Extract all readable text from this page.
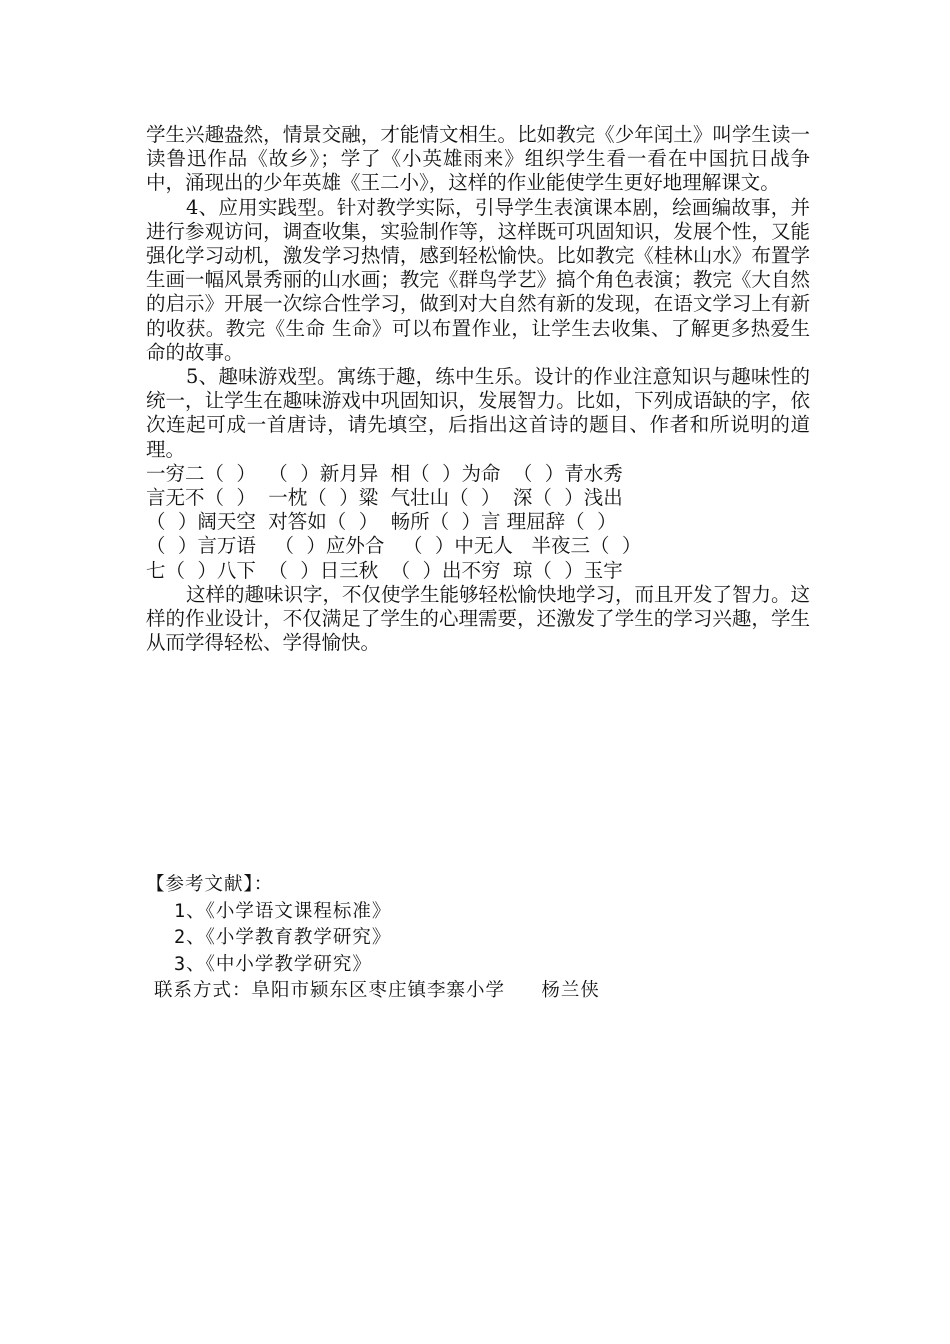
学生兴趣盎然，情景交融，才能情文相生。比如教完《少年闰土》叫学生读一读鲁迅作品《故乡》；学了《小英雄雨来》组织学生看一看在中国抗日战争中，涌现出的少年英雄《王二小》，这样的作业能使学生更好地理解课文。

4、应用实践型。针对教学实际，引导学生表演课本剧，绘画编故事，并进行参观访问，调查收集，实验制作等，这样既可巩固知识，发展个性，又能强化学习动机，激发学习热情，感到轻松愉快。比如教完《桂林山水》布置学生画一幅风景秀丽的山水画；教完《群鸟学艺》搞个角色表演；教完《大自然的启示》开展一次综合性学习，做到对大自然有新的发现，在语文学习上有新的收获。教完《生命 生命》可以布置作业，让学生去收集、了解更多热爱生命的故事。

5、趣味游戏型。寓练于趣，练中生乐。设计的作业注意知识与趣味性的统一，让学生在趣味游戏中巩固知识，发展智力。比如，下列成语缺的字，依次连起可成一首唐诗，请先填空，后指出这首诗的题目、作者和所说明的道理。

一穷二（  ）  （  ）新月异  相（  ）为命  （  ）青水秀

言无不（  ）  一枕（  ）粱  气壮山（  ）  深（  ）浅出

（  ）阔天空  对答如（  ）  畅所（  ）言 理屈辞（  ）

（  ）言万语   （  ）应外合   （  ）中无人   半夜三（  ）

七（  ）八下  （  ）日三秋  （  ）出不穷  琼（  ）玉宇

这样的趣味识字，不仅使学生能够轻松愉快地学习，而且开发了智力。这样的作业设计，不仅满足了学生的心理需要，还激发了学生的学习兴趣，学生从而学得轻松、学得愉快。

【参考文献】：
1、《小学语文课程标准》
2、《小学教育教学研究》
3、《中小学教学研究》
联系方式：阜阳市颍东区枣庄镇李寨小学   杨兰侠
